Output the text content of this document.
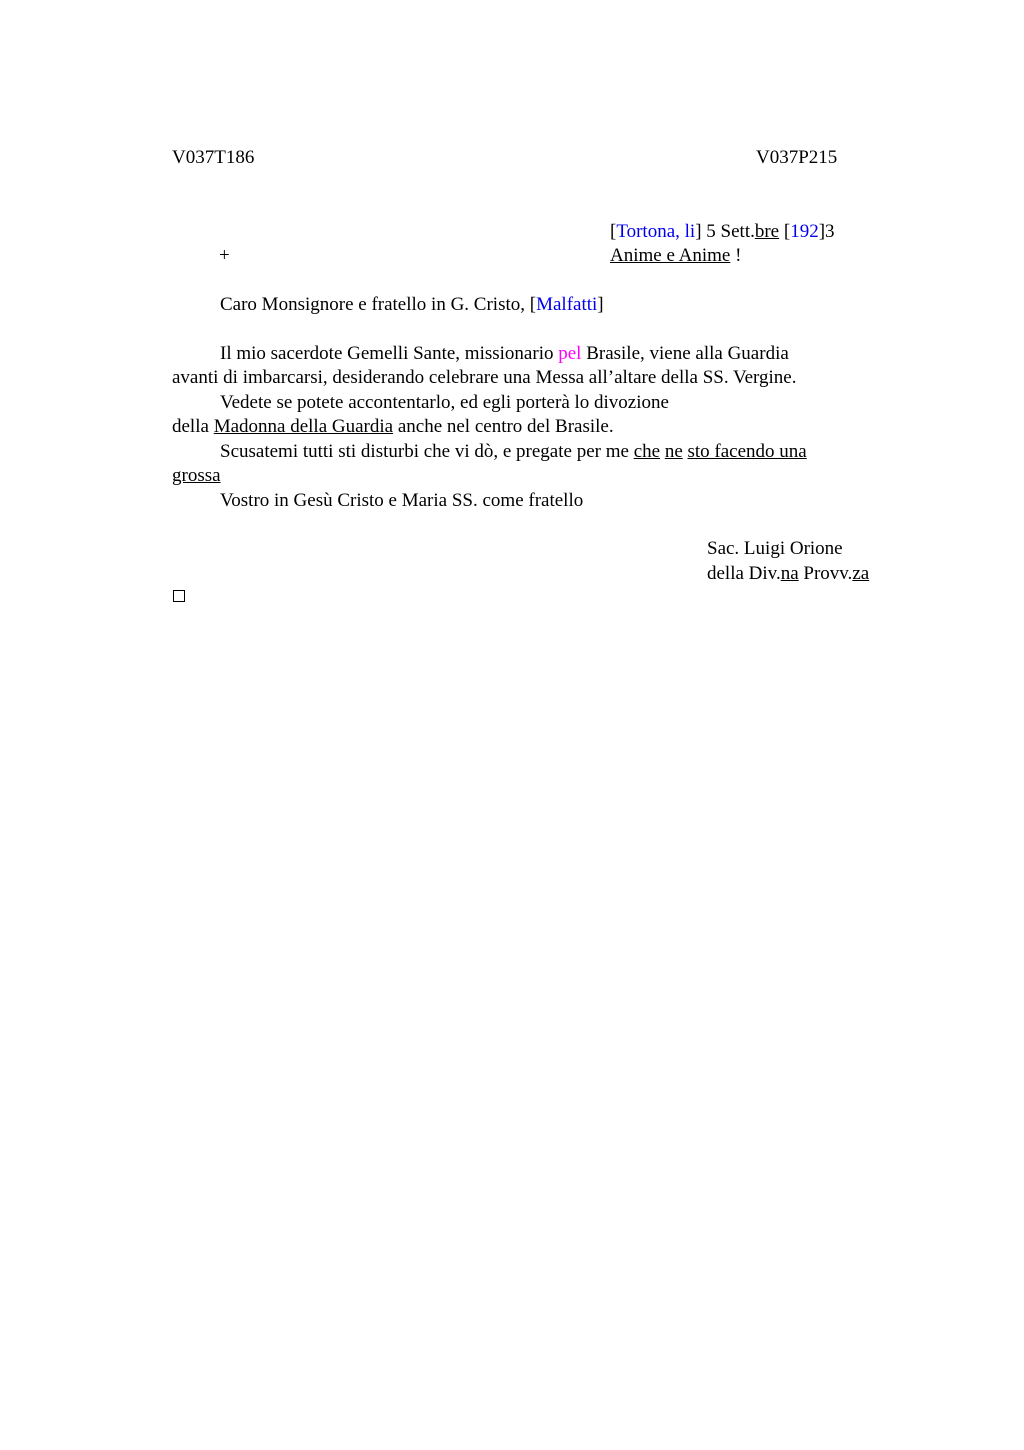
V037T186	V037P215
[Tortona, li] 5 Sett.bre [192]3
+	Anime e Anime !
Caro Monsignore e fratello in G. Cristo, [Malfatti]
Il mio sacerdote Gemelli Sante, missionario pel Brasile, viene alla Guardia
avanti di imbarcarsi, desiderando celebrare una Messa all’altare della SS. Vergine.
Vedete se potete accontentarlo, ed egli porterà lo divozione
della Madonna della Guardia anche nel centro del Brasile.
Scusatemi tutti sti disturbi che vi dò, e pregate per me che ne sto facendo una
grossa
Vostro in Gesù Cristo e Maria SS. come fratello
Sac. Luigi Orione
della Div.na Provv.za
